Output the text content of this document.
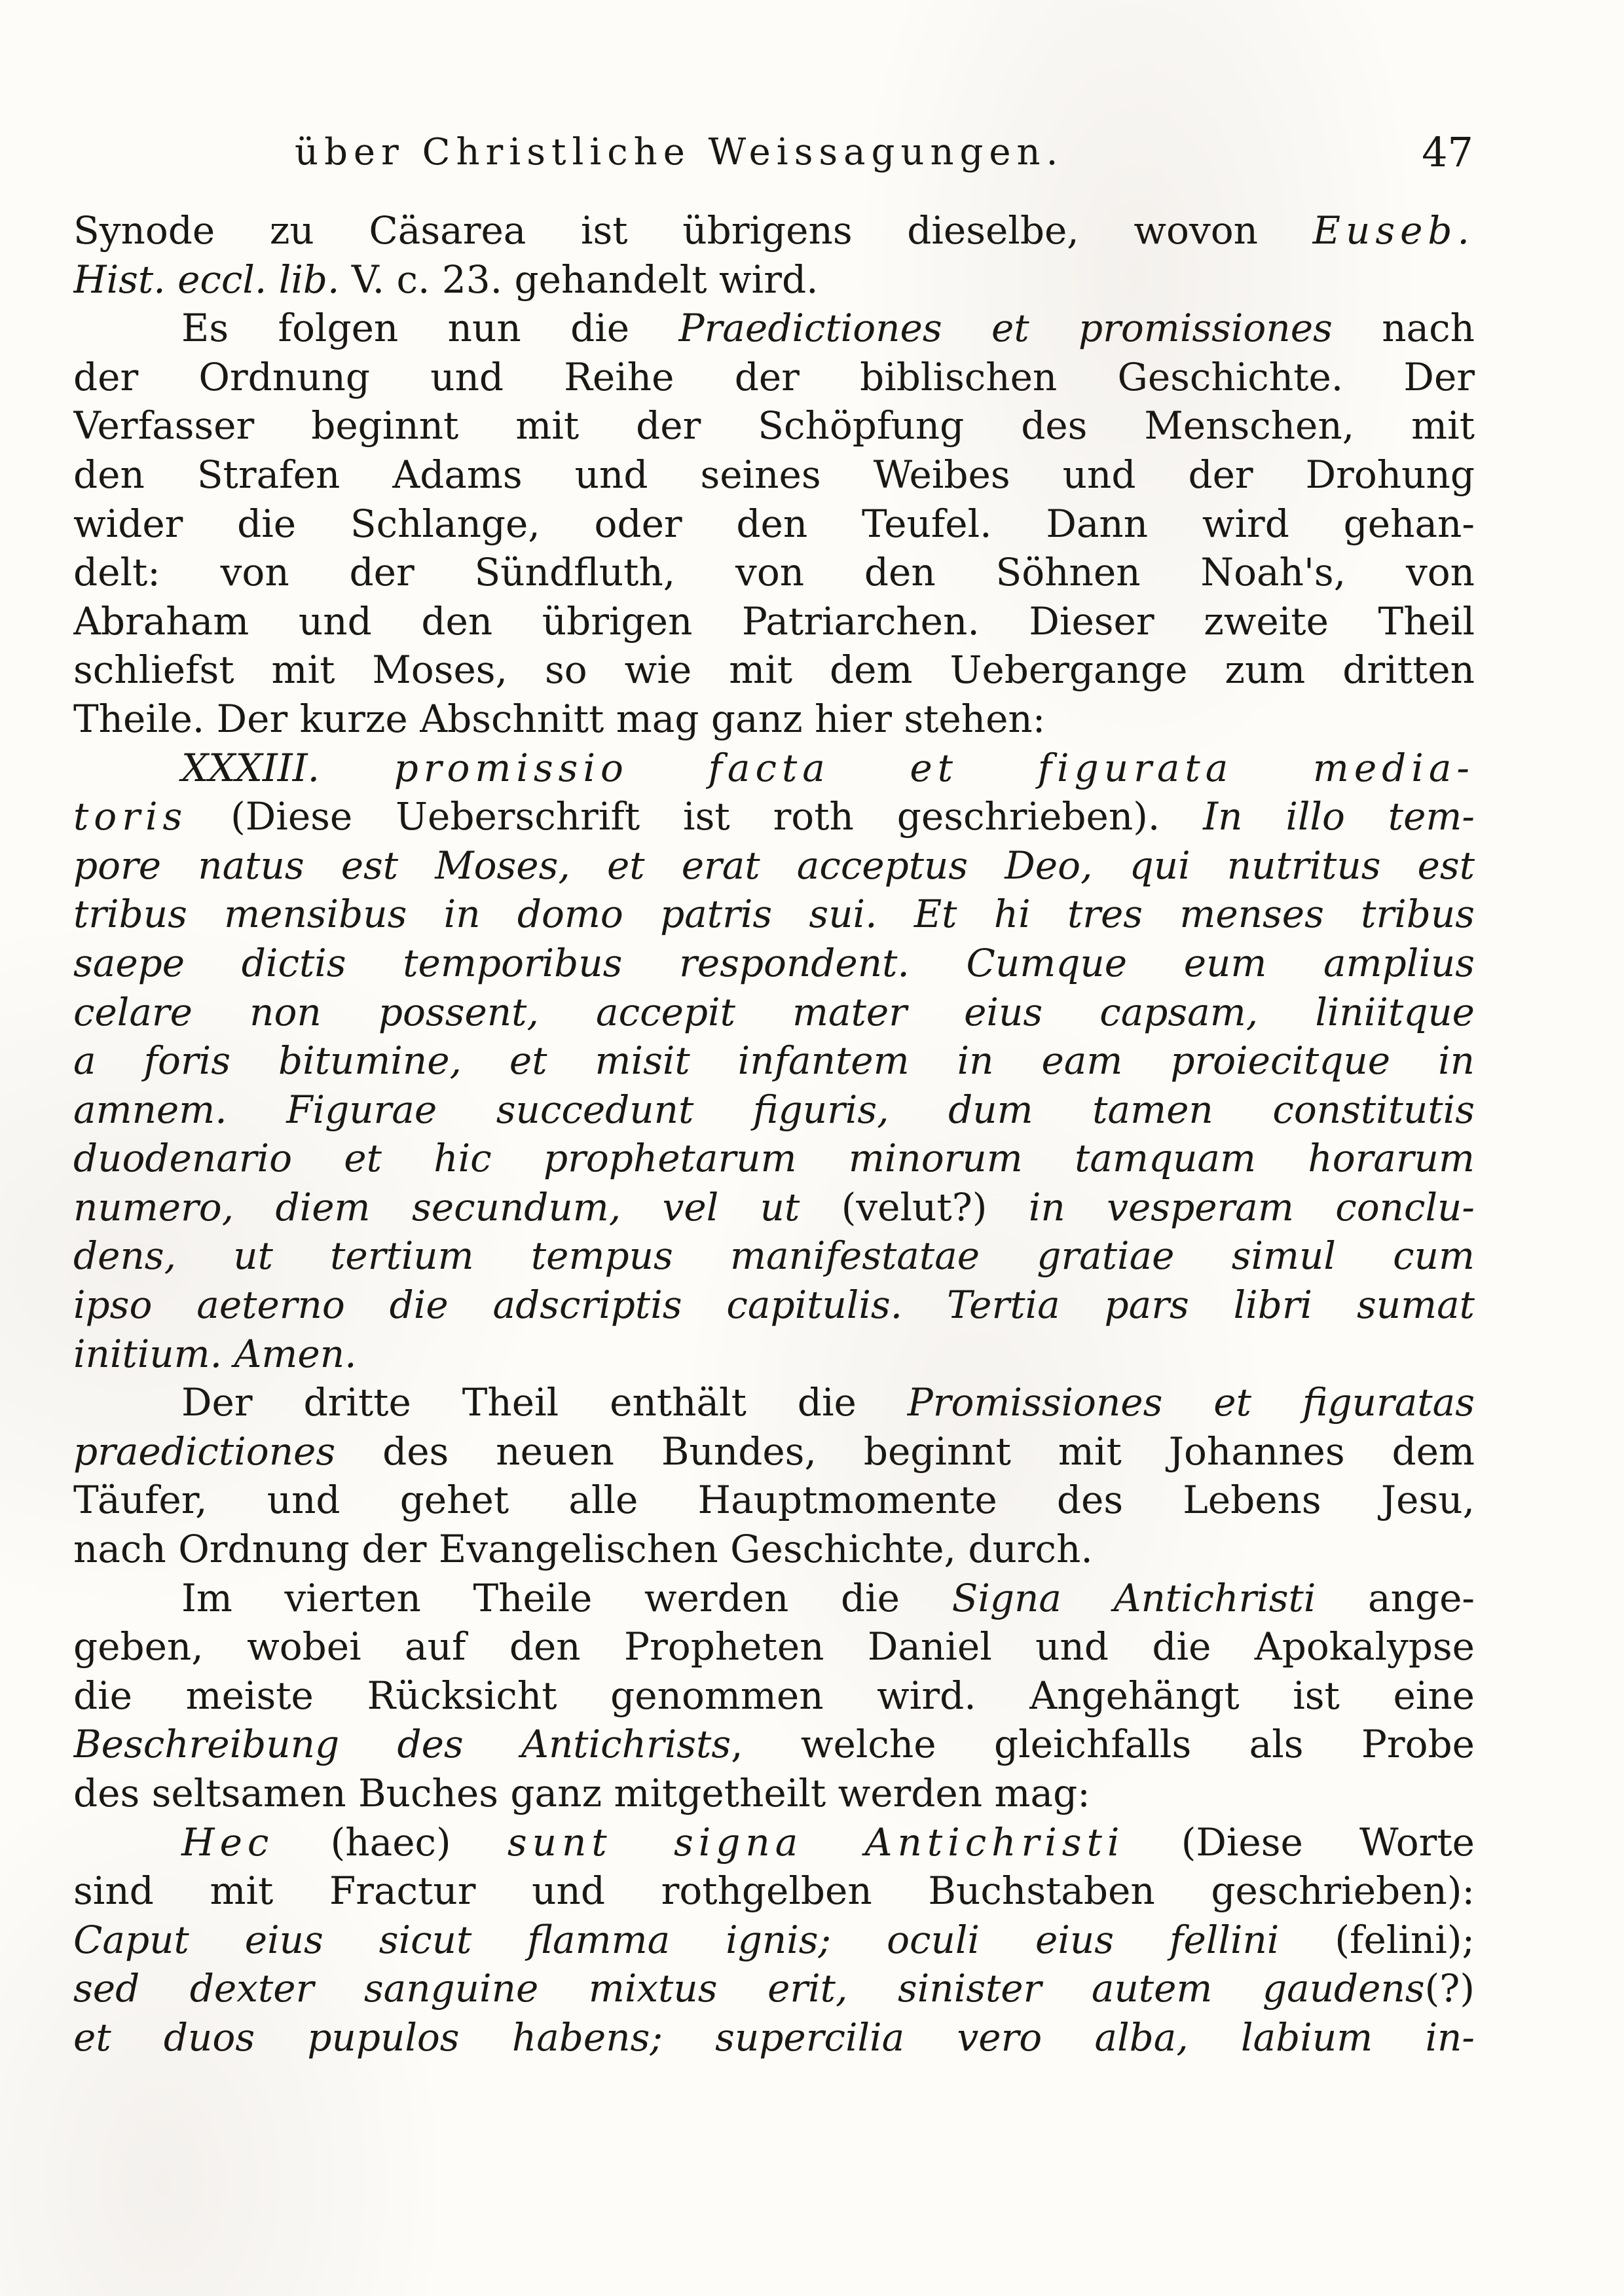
über Christliche Weissagungen.	47
Synode zu Cäsarea ist übrigens dieselbe, wovon Euseb.
Hist. eccl. lib. V. c. 23. gehandelt wird.
Es folgen nun die Praedictiones et promissiones nach
der Ordnung und Reihe der biblischen Geschichte. Der
Verfasser beginnt mit der Schöpfung des Menschen, mit
den Strafen Adams und seines Weibes und der Drohung
wider die Schlange, oder den Teufel. Dann wird gehan-
delt: von der Sündfluth, von den Söhnen Noah's, von
Abraham und den übrigen Patriarchen. Dieser zweite Theil
schliefst mit Moses, so wie mit dem Uebergange zum dritten
Theile. Der kurze Abschnitt mag ganz hier stehen:
XXXIII. promissio facta et figurata media-
toris (Diese Ueberschrift ist roth geschrieben). In illo tem-
pore natus est Moses, et erat acceptus Deo, qui nutritus est
tribus mensibus in domo patris sui. Et hi tres menses tribus
saepe dictis temporibus respondent. Cumque eum amplius
celare non possent, accepit mater eius capsam, liniitque
a foris bitumine, et misit infantem in eam proiecitque in
amnem. Figurae succedunt figuris, dum tamen constitutis
duodenario et hic prophetarum minorum tamquam horarum
numero, diem secundum, vel ut (velut?) in vesperam conclu-
dens, ut tertium tempus manifestatae gratiae simul cum
ipso aeterno die adscriptis capitulis. Tertia pars libri sumat
initium. Amen.
Der dritte Theil enthält die Promissiones et figuratas
praedictiones des neuen Bundes, beginnt mit Johannes dem
Täufer, und gehet alle Hauptmomente des Lebens Jesu,
nach Ordnung der Evangelischen Geschichte, durch.
Im vierten Theile werden die Signa Antichristi ange-
geben, wobei auf den Propheten Daniel und die Apokalypse
die meiste Rücksicht genommen wird. Angehängt ist eine
Beschreibung des Antichrists, welche gleichfalls als Probe
des seltsamen Buches ganz mitgetheilt werden mag:
Hec (haec) sunt signa Antichristi (Diese Worte
sind mit Fractur und rothgelben Buchstaben geschrieben):
Caput eius sicut flamma ignis; oculi eius fellini (felini);
sed dexter sanguine mixtus erit, sinister autem gaudens(?)
et duos pupulos habens; supercilia vero alba, labium in-
